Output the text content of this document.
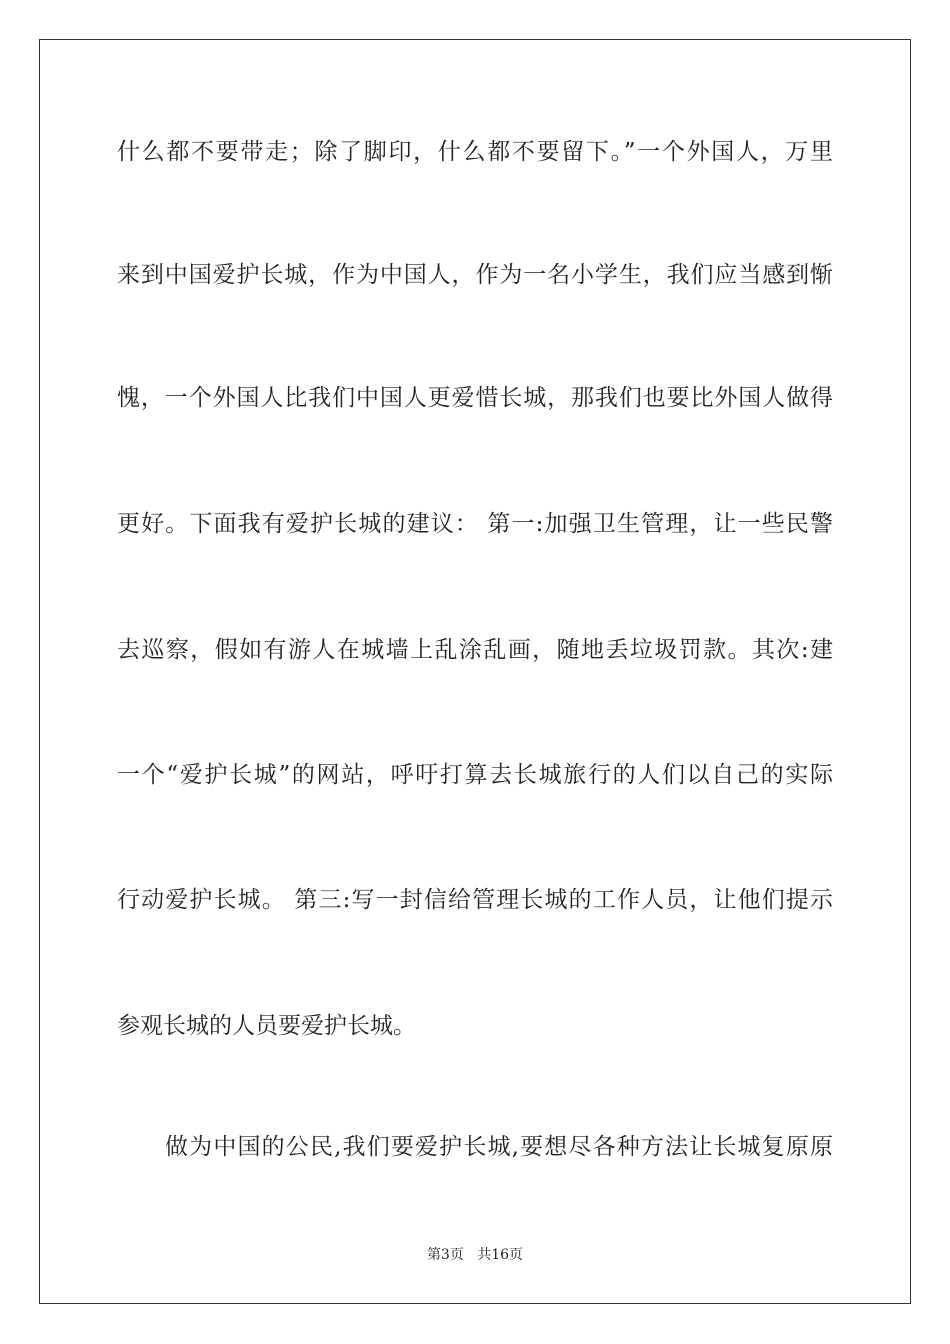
什么都不要带走；除了脚印，什么都不要留下。”一个外国人，万里
来到中国爱护长城，作为中国人，作为一名小学生，我们应当感到惭
愧，一个外国人比我们中国人更爱惜长城，那我们也要比外国人做得
更好。下面我有爱护长城的建议： 第一:加强卫生管理，让一些民警
去巡察，假如有游人在城墙上乱涂乱画，随地丢垃圾罚款。其次:建
一个“爱护长城”的网站，呼吁打算去长城旅行的人们以自己的实际
行动爱护长城。 第三:写一封信给管理长城的工作人员，让他们提示
参观长城的人员要爱护长城。
做为中国的公民,我们要爱护长城,要想尽各种方法让长城复原原
第3页 共16页
